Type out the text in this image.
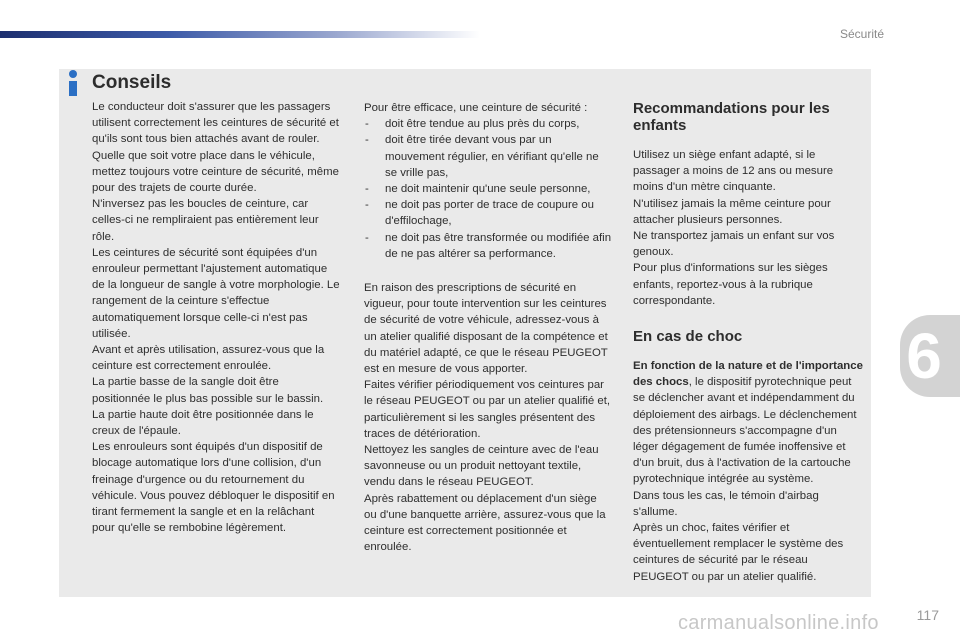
Sécurité
6
Conseils

Le conducteur doit s'assurer que les passagers utilisent correctement les ceintures de sécurité et qu'ils sont tous bien attachés avant de rouler.

Quelle que soit votre place dans le véhicule, mettez toujours votre ceinture de sécurité, même pour des trajets de courte durée.

N'inversez pas les boucles de ceinture, car celles-ci ne rempliraient pas entièrement leur rôle.

Les ceintures de sécurité sont équipées d'un enrouleur permettant l'ajustement automatique de la longueur de sangle à votre morphologie. Le rangement de la ceinture s'effectue automatiquement lorsque celle-ci n'est pas utilisée.

Avant et après utilisation, assurez-vous que la ceinture est correctement enroulée.

La partie basse de la sangle doit être positionnée le plus bas possible sur le bassin.

La partie haute doit être positionnée dans le creux de l'épaule.

Les enrouleurs sont équipés d'un dispositif de blocage automatique lors d'une collision, d'un freinage d'urgence ou du retournement du véhicule. Vous pouvez débloquer le dispositif en tirant fermement la sangle et en la relâchant pour qu'elle se rembobine légèrement.

Pour être efficace, une ceinture de sécurité :

- doit être tendue au plus près du corps,
- doit être tirée devant vous par un mouvement régulier, en vérifiant qu'elle ne se vrille pas,
- ne doit maintenir qu'une seule personne,
- ne doit pas porter de trace de coupure ou d'effilochage,
- ne doit pas être transformée ou modifiée afin de ne pas altérer sa performance.

En raison des prescriptions de sécurité en vigueur, pour toute intervention sur les ceintures de sécurité de votre véhicule, adressez-vous à un atelier qualifié disposant de la compétence et du matériel adapté, ce que le réseau PEUGEOT est en mesure de vous apporter.

Faites vérifier périodiquement vos ceintures par le réseau PEUGEOT ou par un atelier qualifié et, particulièrement si les sangles présentent des traces de détérioration.

Nettoyez les sangles de ceinture avec de l'eau savonneuse ou un produit nettoyant textile, vendu dans le réseau PEUGEOT.

Après rabattement ou déplacement d'un siège ou d'une banquette arrière, assurez-vous que la ceinture est correctement positionnée et enroulée.

Recommandations pour les enfants

Utilisez un siège enfant adapté, si le passager a moins de 12 ans ou mesure moins d'un mètre cinquante.

N'utilisez jamais la même ceinture pour attacher plusieurs personnes.

Ne transportez jamais un enfant sur vos genoux.

Pour plus d'informations sur les sièges enfants, reportez-vous à la rubrique correspondante.

En cas de choc

En fonction de la nature et de l'importance des chocs, le dispositif pyrotechnique peut se déclencher avant et indépendamment du déploiement des airbags. Le déclenchement des prétensionneurs s'accompagne d'un léger dégagement de fumée inoffensive et d'un bruit, dus à l'activation de la cartouche pyrotechnique intégrée au système.

Dans tous les cas, le témoin d'airbag s'allume.

Après un choc, faites vérifier et éventuellement remplacer le système des ceintures de sécurité par le réseau PEUGEOT ou par un atelier qualifié.

117
carmanualsonline.info
